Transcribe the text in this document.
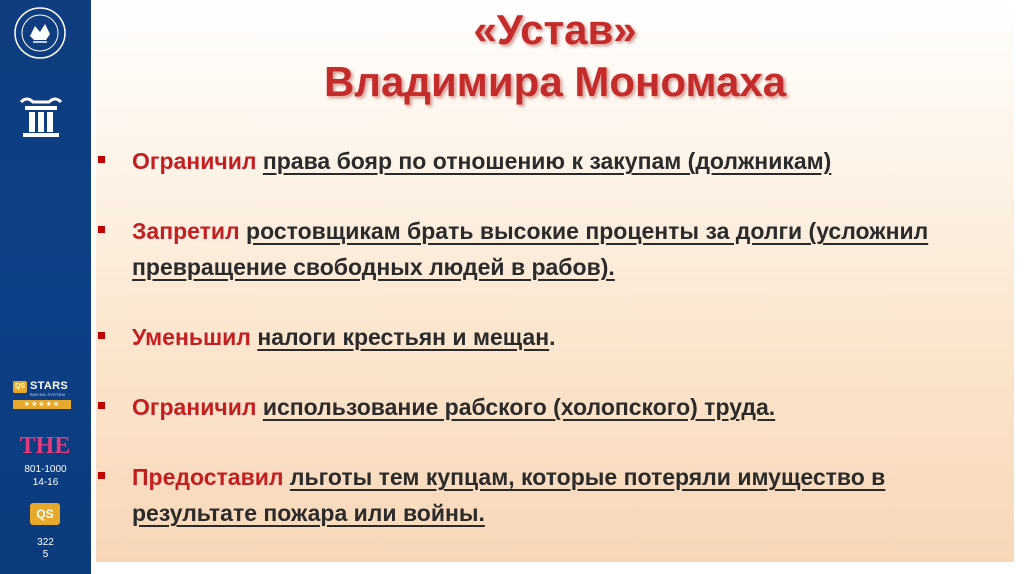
QS STARS
RATING SYSTEM
★★★★★
THE
801-1000
14-16
QS
322
5
«Устав»
Владимира Мономаха
Ограничил права бояр по отношению к закупам (должникам)
Запретил ростовщикам брать высокие проценты за долги (усложнил
превращение свободных людей в рабов).
Уменьшил налоги крестьян и мещан.
Ограничил использование рабского (холопского) труда.
Предоставил льготы тем купцам, которые потеряли имущество в
результате пожара или войны.
